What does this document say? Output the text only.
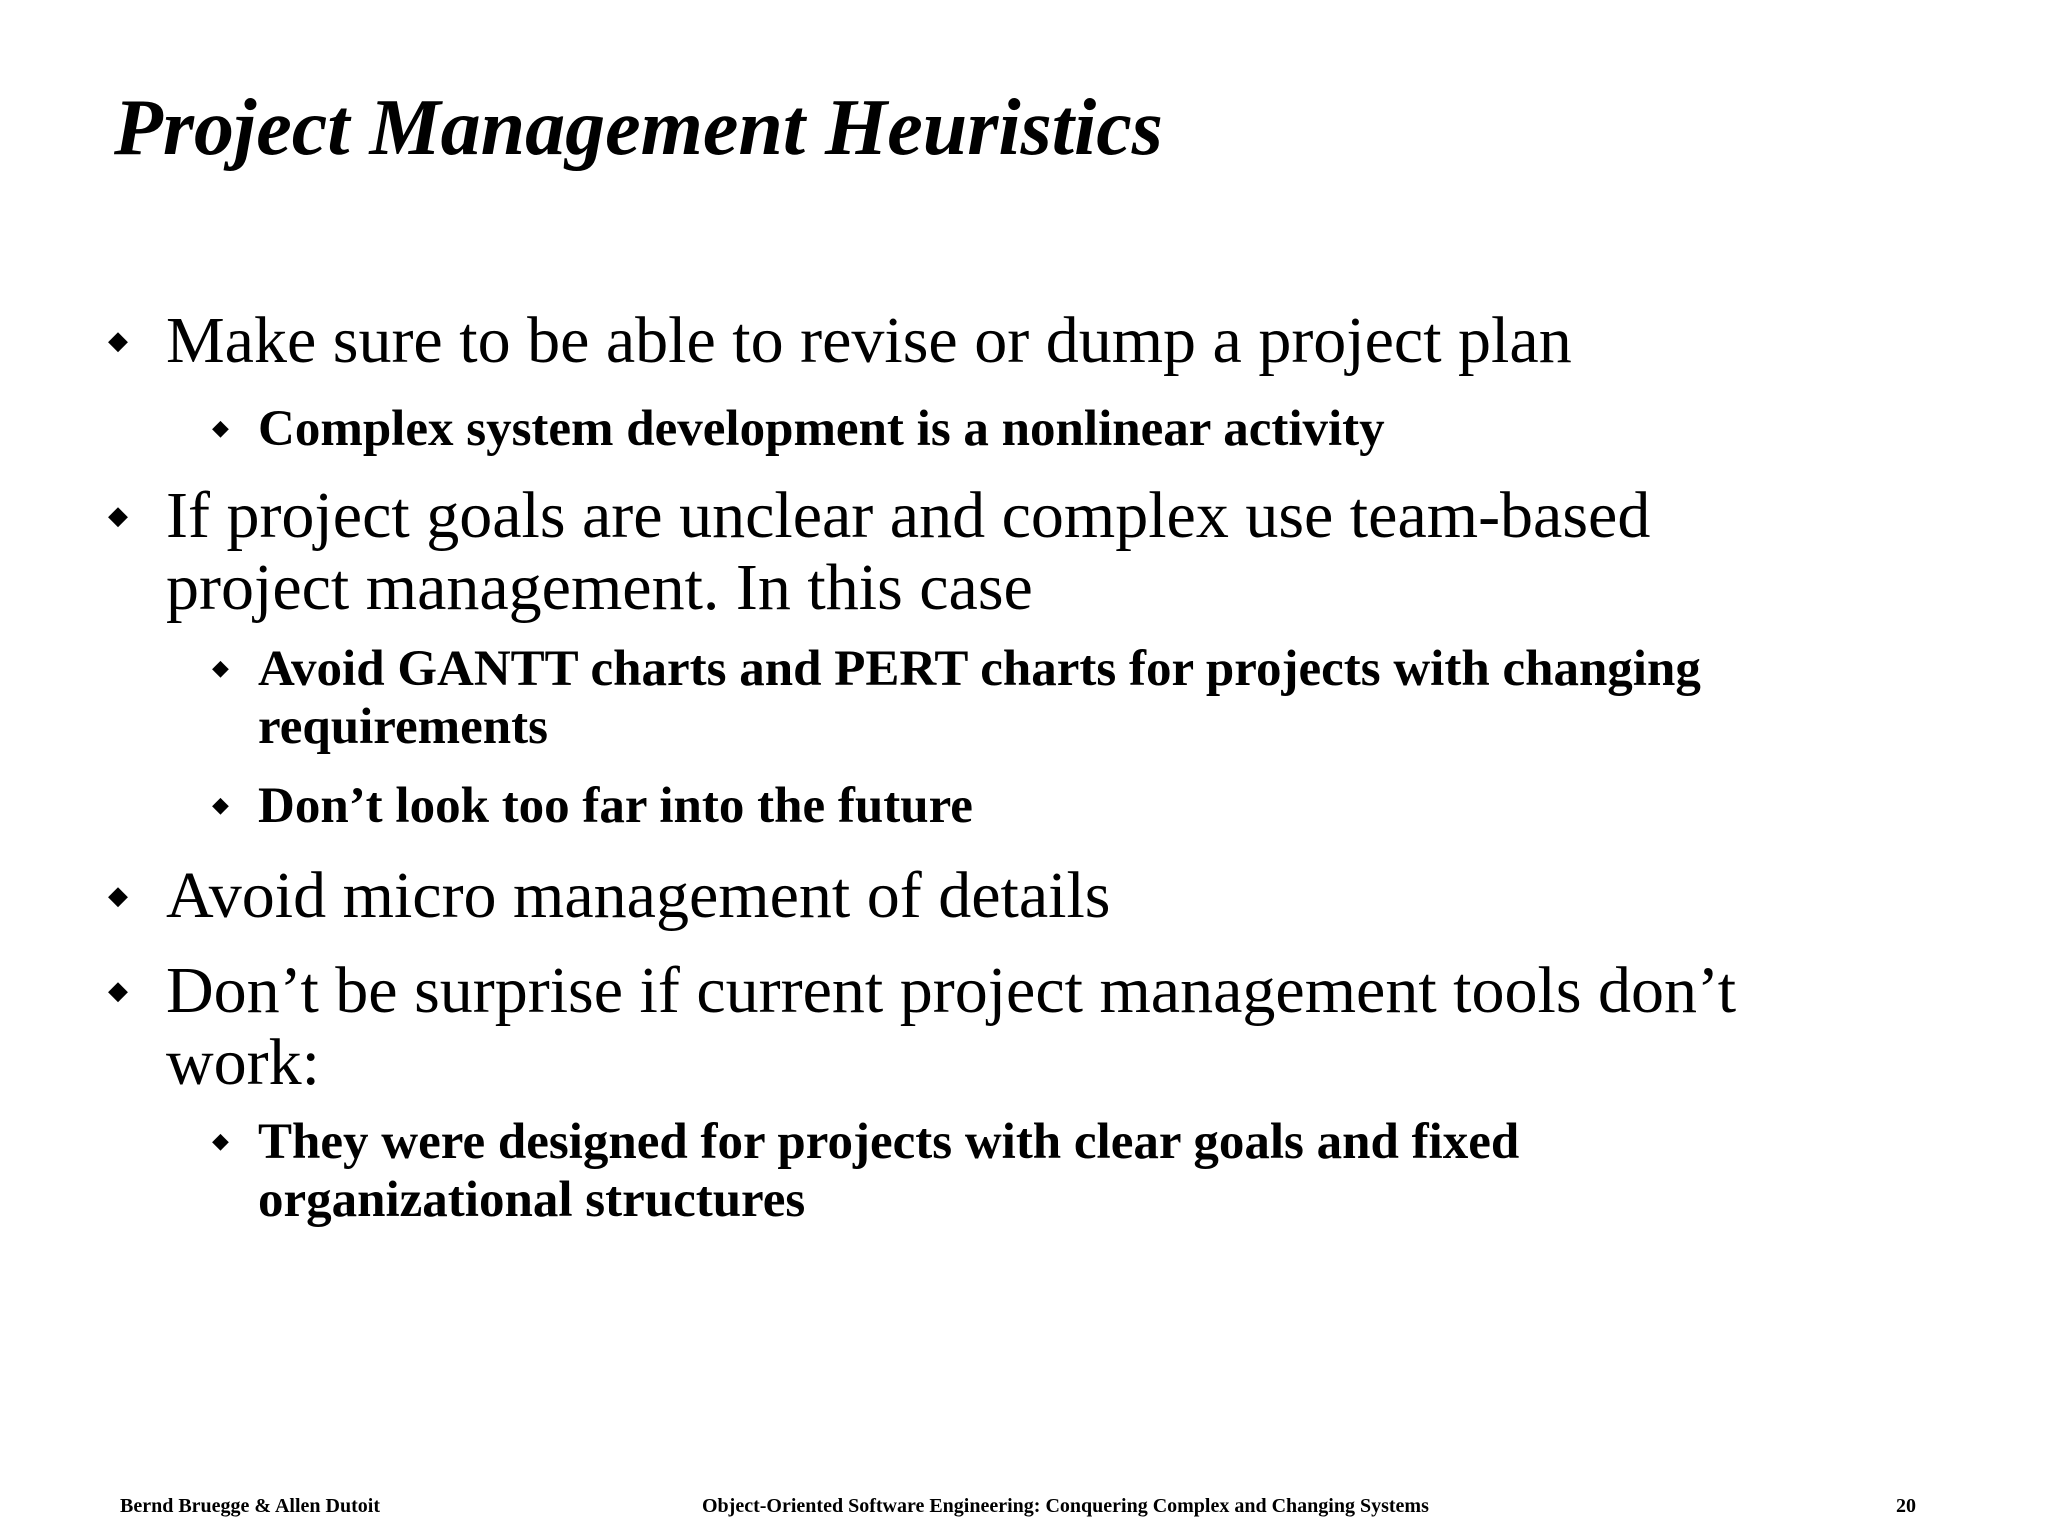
Project Management Heuristics
◆ Make sure to be able to revise or dump a project plan
◆ Complex system development is a nonlinear activity
◆ If project goals are unclear and complex use team-based project management. In this case
◆ Avoid GANTT charts and PERT charts for projects with changing requirements
◆ Don’t look too far into the future
◆ Avoid micro management of details
◆ Don’t be surprise if current project management tools don’t work:
◆ They were designed for projects with clear goals and fixed organizational structures
Bernd Bruegge & Allen Dutoit	Object-Oriented Software Engineering: Conquering Complex and Changing Systems	20
